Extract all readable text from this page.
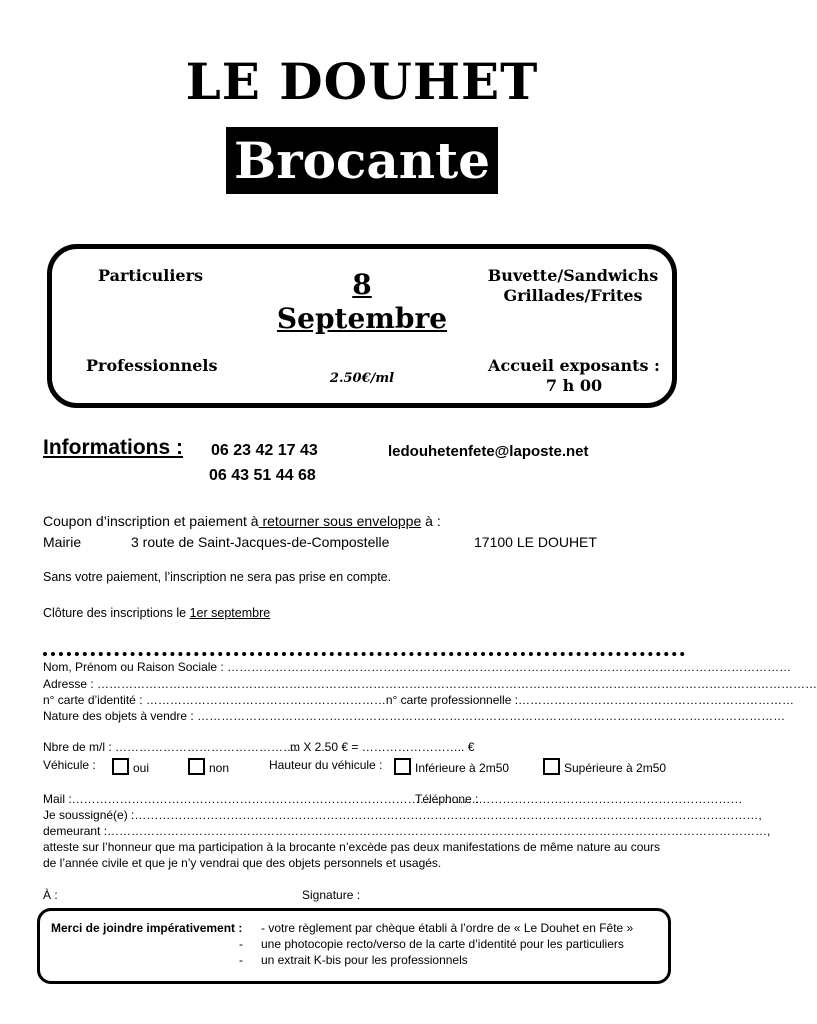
LE DOUHET
Brocante
Particuliers
Professionnels
8
Septembre
2.50€/ml
Buvette/Sandwichs
Grillades/Frites
Accueil exposants :
7 h 00
Informations : 06 23 42 17 43
06 43 51 44 68
ledouhetenfete@laposte.net
Coupon d’inscription et paiement à retourner sous enveloppe à :
Mairie	3 route de Saint-Jacques-de-Compostelle	17100 LE DOUHET
Sans votre paiement, l’inscription ne sera pas prise en compte.
Clôture des inscriptions le 1er septembre
Nom, Prénom ou Raison Sociale : ……………………………………………………………………………………………………………………………
Adresse : ………………………………………………………………………………………………………………………………………………………………
n° carte d’identité : ……………………………………………………n° carte professionnelle :……………………………………………………………
Nature des objets à vendre : …………………………………………………………………………………………………………………………………
Nbre de m/l : ……………………………………….
m X 2.50 € = …………………….. €
Véhicule :	oui	non	Hauteur du véhicule :	Inférieure à 2m50	Supérieure à 2m50
Mail :…………………………………………………………………………………………
Téléphone :…………………………………………………………
Je soussigné(e) :…………………………………………………………………………………………………………………………………………,
demeurant :…………………………………………………………………………………………………………………………………………………,
atteste sur l’honneur que ma participation à la brocante n’excède pas deux manifestations de même nature au cours
de l’année civile et que je n’y vendrai que des objets personnels et usagés.
À :	Signature :
Merci de joindre impérativement : - votre règlement par chèque établi à l’ordre de « Le Douhet en Fête »
- une photocopie recto/verso de la carte d’identité pour les particuliers
- un extrait K-bis pour les professionnels
